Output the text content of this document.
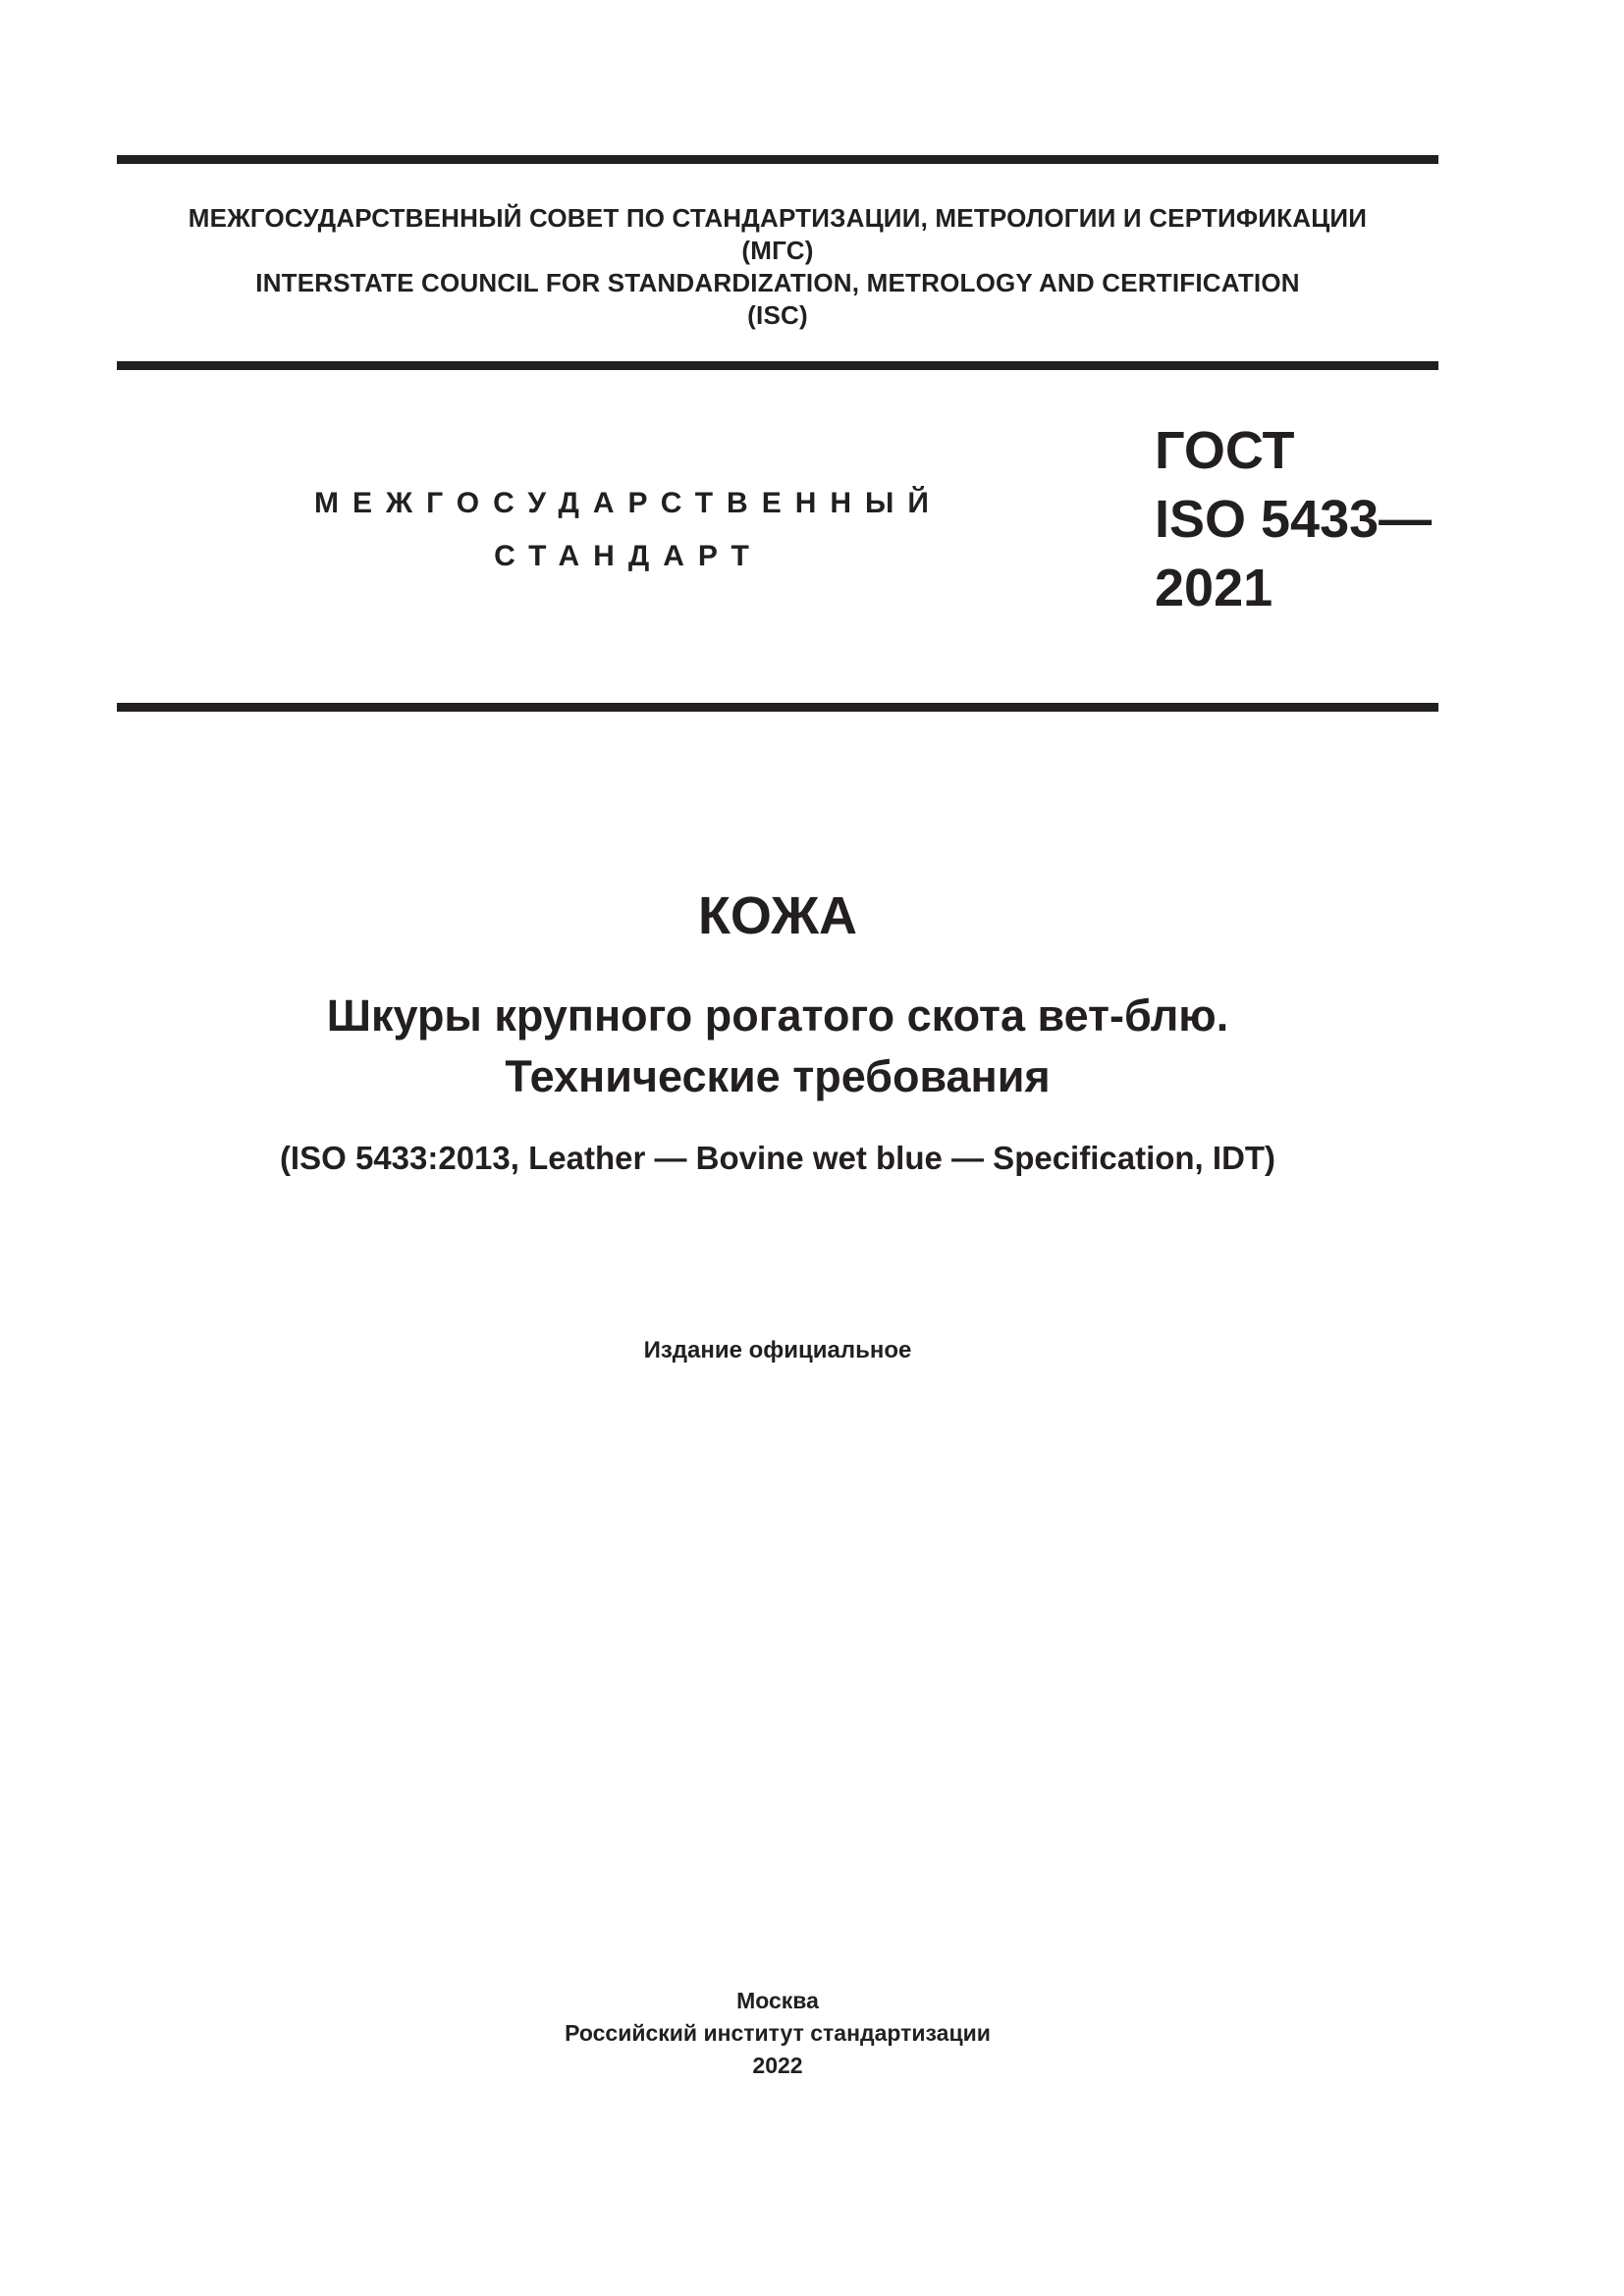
МЕЖГОСУДАРСТВЕННЫЙ СОВЕТ ПО СТАНДАРТИЗАЦИИ, МЕТРОЛОГИИ И СЕРТИФИКАЦИИ
(МГС)
INTERSTATE COUNCIL FOR STANDARDIZATION, METROLOGY AND CERTIFICATION
(ISC)
МЕЖГОСУДАРСТВЕННЫЙ
СТАНДАРТ
ГОСТ
ISO 5433—
2021
КОЖА
Шкуры крупного рогатого скота вет-блю.
Технические требования
(ISO 5433:2013, Leather — Bovine wet blue — Specification, IDT)
Издание официальное
Москва
Российский институт стандартизации
2022
